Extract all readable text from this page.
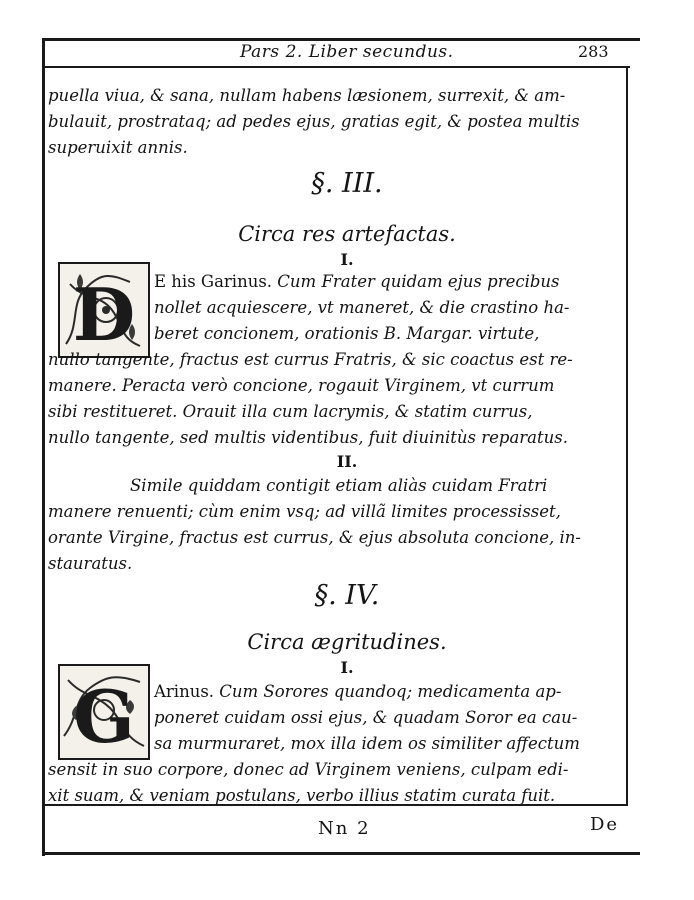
Pars 2. Liber secundus.	283
puella viua, & sana, nullam habens læsionem, surrexit, & am-
bulauit, prostrataq; ad pedes ejus, gratias egit, & postea multis
superuixit annis.
§. III.
Circa res artefactas.
I.
D E his Garinus. Cum Frater quidam ejus precibus
nollet acquiescere, vt maneret, & die crastino ha-
beret concionem, orationis B. Margar. virtute,
nullo tangente, fractus est currus Fratris, & sic coactus est re-
manere. Peracta verò concione, rogauit Virginem, vt currum
sibi restitueret. Orauit illa cum lacrymis, & statim currus,
nullo tangente, sed multis videntibus, fuit diuinitùs reparatus.
II.
Simile quiddam contigit etiam aliàs cuidam Fratri
manere renuenti; cùm enim vsq; ad villã limites processisset,
orante Virgine, fractus est currus, & ejus absoluta concione, in-
stauratus.
§. IV.
Circa ægritudines.
I.
G Arinus. Cum Sorores quandoq; medicamenta ap-
poneret cuidam ossi ejus, & quadam Soror ea cau-
sa murmuraret, mox illa idem os similiter affectum
sensit in suo corpore, donec ad Virginem veniens, culpam edi-
xit suam, & veniam postulans, verbo illius statim curata fuit.
Nn 2	De
